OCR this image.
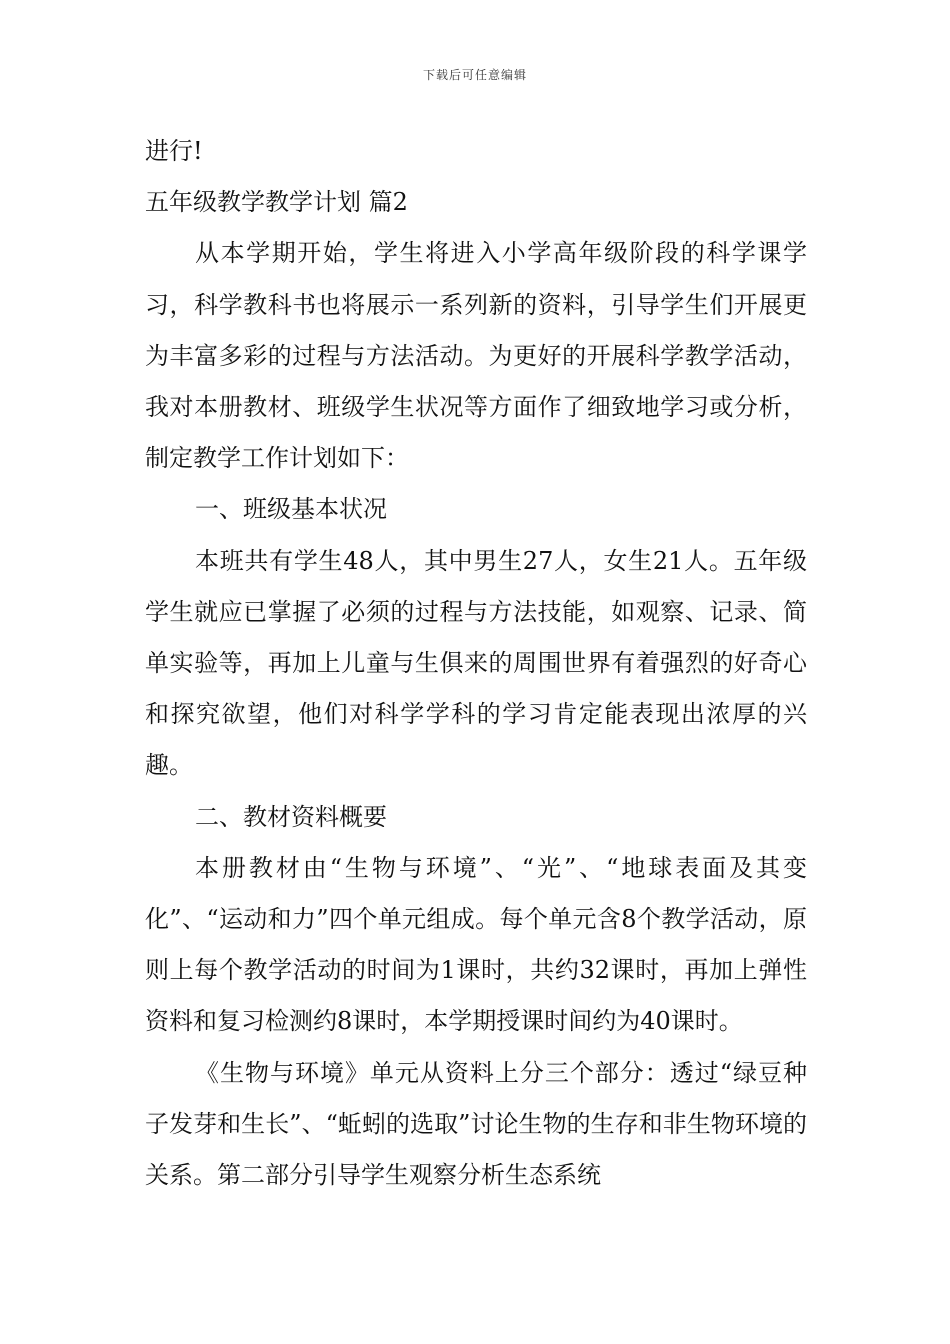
下载后可任意编辑

进行!

五年级教学教学计划 篇2

从本学期开始，学生将进入小学高年级阶段的科学课学习，科学教科书也将展示一系列新的资料，引导学生们开展更为丰富多彩的过程与方法活动。为更好的开展科学教学活动，我对本册教材、班级学生状况等方面作了细致地学习或分析，制定教学工作计划如下：

一、班级基本状况

本班共有学生48人，其中男生27人，女生21人。五年级学生就应已掌握了必须的过程与方法技能，如观察、记录、简单实验等，再加上儿童与生俱来的周围世界有着强烈的好奇心和探究欲望，他们对科学学科的学习肯定能表现出浓厚的兴趣。

二、教材资料概要

本册教材由“生物与环境”、“光”、“地球表面及其变化”、“运动和力”四个单元组成。每个单元含8个教学活动，原则上每个教学活动的时间为1课时，共约32课时，再加上弹性资料和复习检测约8课时，本学期授课时间约为40课时。

《生物与环境》单元从资料上分三个部分：透过“绿豆种子发芽和生长”、“蚯蚓的选取”讨论生物的生存和非生物环境的关系。第二部分引导学生观察分析生态系统
